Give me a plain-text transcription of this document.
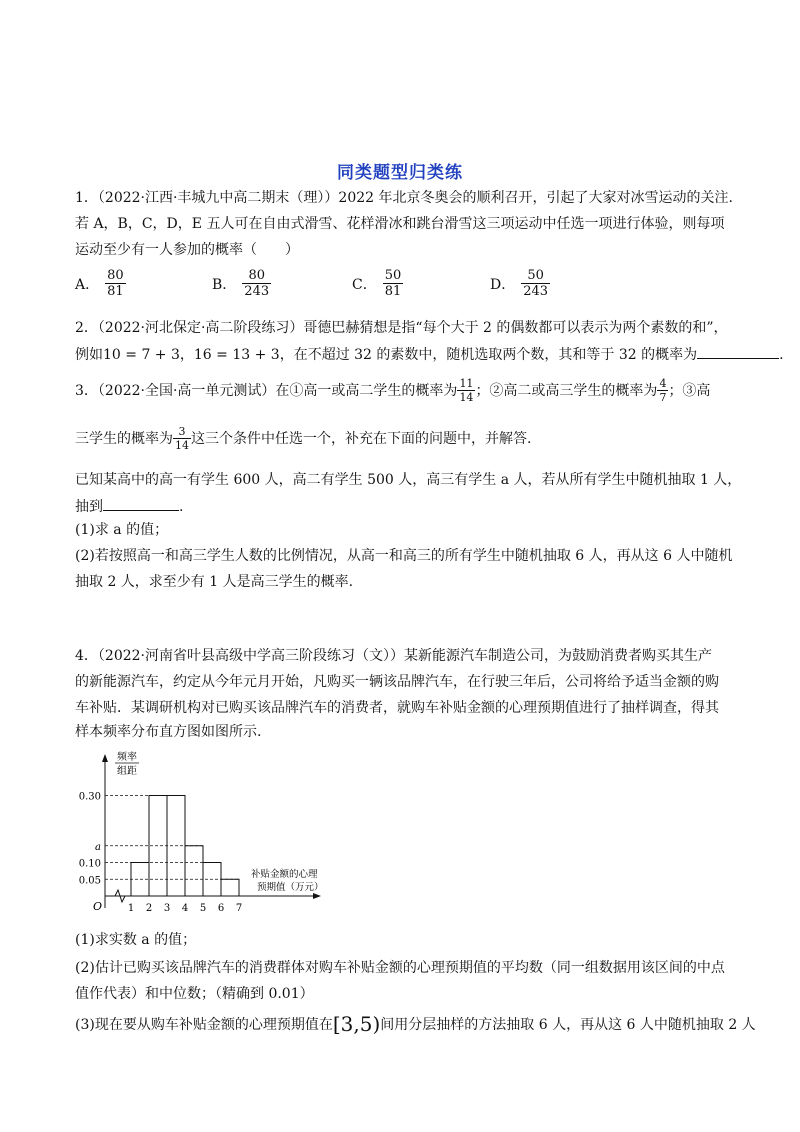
同类题型归类练
1．（2022·江西·丰城九中高二期末（理））2022 年北京冬奥会的顺利召开，引起了大家对冰雪运动的关注.
若 A，B，C，D，E 五人可在自由式滑雪、花样滑冰和跳台滑雪这三项运动中任选一项进行体验，则每项
运动至少有一人参加的概率（　　）
A． $\frac{80}{81}$	B． $\frac{80}{243}$	C． $\frac{50}{81}$	D． $\frac{50}{243}$
2．（2022·河北保定·高二阶段练习）哥德巴赫猜想是指“每个大于 2 的偶数都可以表示为两个素数的和”，
例如10 = 7 + 3，16 = 13 + 3，在不超过 32 的素数中，随机选取两个数，其和等于 32 的概率为	.
3．（2022·全国·高一单元测试）在①高一或高二学生的概率为 $\frac{11}{14}$ ；②高二或高三学生的概率为 $\frac{4}{7}$ ；③高
三学生的概率为 $\frac{3}{14}$ 这三个条件中任选一个，补充在下面的问题中，并解答.
已知某高中的高一有学生 600 人，高二有学生 500 人，高三有学生 a 人，若从所有学生中随机抽取 1 人，
抽到	.
(1)求 a 的值；
(2)若按照高一和高三学生人数的比例情况，从高一和高三的所有学生中随机抽取 6 人，再从这 6 人中随机
抽取 2 人，求至少有 1 人是高三学生的概率.
4．（2022·河南省叶县高级中学高三阶段练习（文））某新能源汽车制造公司，为鼓励消费者购买其生产
的新能源汽车，约定从今年元月开始，凡购买一辆该品牌汽车，在行驶三年后，公司将给予适当金额的购
车补贴．某调研机构对已购买该品牌汽车的消费者，就购车补贴金额的心理预期值进行了抽样调查，得其
样本频率分布直方图如图所示.
频率
组距
0.05
0.10
a
0.30
1 2 3 4 5 6 7
O
补贴金额的心理
预期值（万元）
(1)求实数 a 的值；
(2)估计已购买该品牌汽车的消费群体对购车补贴金额的心理预期值的平均数（同一组数据用该区间的中点
值作代表）和中位数；（精确到 0.01）
(3)现在要从购车补贴金额的心理预期值在[3,5)间用分层抽样的方法抽取 6 人，再从这 6 人中随机抽取 2 人
